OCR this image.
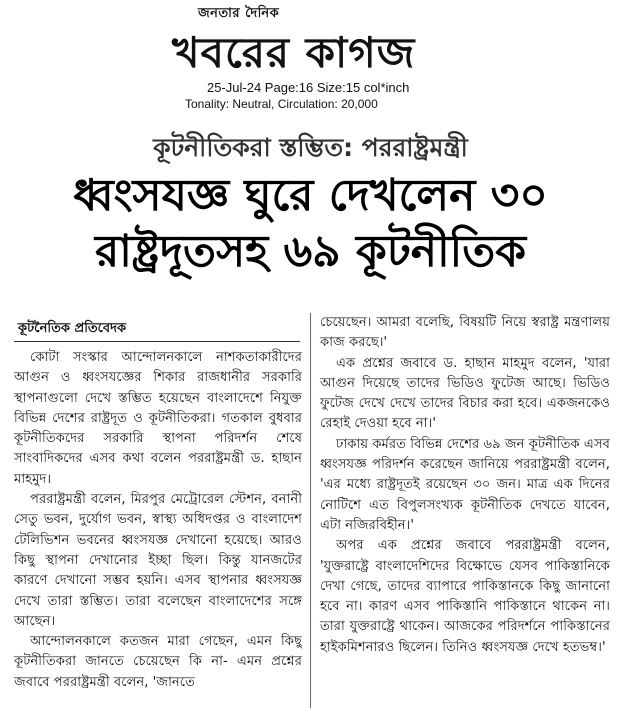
জনতার দৈনিক
খবরের কাগজ
25-Jul-24 Page:16 Size:15 col*inch
Tonality: Neutral, Circulation: 20,000
কূটনীতিকরা স্তম্ভিত: পররাষ্ট্রমন্ত্রী
ধ্বংসযজ্ঞ ঘুরে দেখলেন ৩০
রাষ্ট্রদূতসহ ৬৯ কূটনীতিক
কূটনৈতিক প্রতিবেদক

কোটা সংস্কার আন্দোলনকালে নাশকতাকারীদের আগুন ও ধ্বংসযজ্ঞের শিকার রাজধানীর সরকারি স্থাপনাগুলো দেখে স্তম্ভিত হয়েছেন বাংলাদেশে নিযুক্ত বিভিন্ন দেশের রাষ্ট্রদূত ও কূটনীতিকরা। গতকাল বুধবার কূটনীতিকদের সরকারি স্থাপনা পরিদর্শন শেষে সাংবাদিকদের এসব কথা বলেন পররাষ্ট্রমন্ত্রী ড. হাছান মাহমুদ।

পররাষ্ট্রমন্ত্রী বলেন, মিরপুর মেট্রোরেল স্টেশন, বনানী সেতু ভবন, দুর্যোগ ভবন, স্বাস্থ্য অধিদপ্তর ও বাংলাদেশ টেলিভিশন ভবনের ধ্বংসযজ্ঞ দেখানো হয়েছে। আরও কিছু স্থাপনা দেখানোর ইচ্ছা ছিল। কিন্তু যানজটের কারণে দেখানো সম্ভব হয়নি। এসব স্থাপনার ধ্বংসযজ্ঞ দেখে তারা স্তম্ভিত। তারা বলেছেন বাংলাদেশের সঙ্গে আছেন।

আন্দোলনকালে কতজন মারা গেছেন, এমন কিছু কূটনীতিকরা জানতে চেয়েছেন কি না- এমন প্রশ্নের জবাবে পররাষ্ট্রমন্ত্রী বলেন, 'জানতে

চেয়েছেন। আমরা বলেছি, বিষয়টি নিয়ে স্বরাষ্ট্র মন্ত্রণালয় কাজ করছে।'

এক প্রশ্নের জবাবে ড. হাছান মাহমুদ বলেন, 'যারা আগুন দিয়েছে তাদের ভিডিও ফুটেজ আছে। ভিডিও ফুটেজ দেখে দেখে তাদের বিচার করা হবে। একজনকেও রেহাই দেওয়া হবে না।'

ঢাকায় কর্মরত বিভিন্ন দেশের ৬৯ জন কূটনীতিক এসব ধ্বংসযজ্ঞ পরিদর্শন করেছেন জানিয়ে পররাষ্ট্রমন্ত্রী বলেন, 'এর মধ্যে রাষ্ট্রদূতই রয়েছেন ৩০ জন। মাত্র এক দিনের নোটিশে এত বিপুলসংখ্যক কূটনীতিক দেখতে যাবেন, এটা নজিরবিহীন।'

অপর এক প্রশ্নের জবাবে পররাষ্ট্রমন্ত্রী বলেন, 'যুক্তরাষ্ট্রে বাংলাদেশিদের বিক্ষোভে যেসব পাকিস্তানিকে দেখা গেছে, তাদের ব্যাপারে পাকিস্তানকে কিছু জানানো হবে না। কারণ এসব পাকিস্তানি পাকিস্তানে থাকেন না। তারা যুক্তরাষ্ট্রে থাকেন। আজকের পরিদর্শনে পাকিস্তানের হাইকমিশনারও ছিলেন। তিনিও ধ্বংসযজ্ঞ দেখে হতভম্ব।'
